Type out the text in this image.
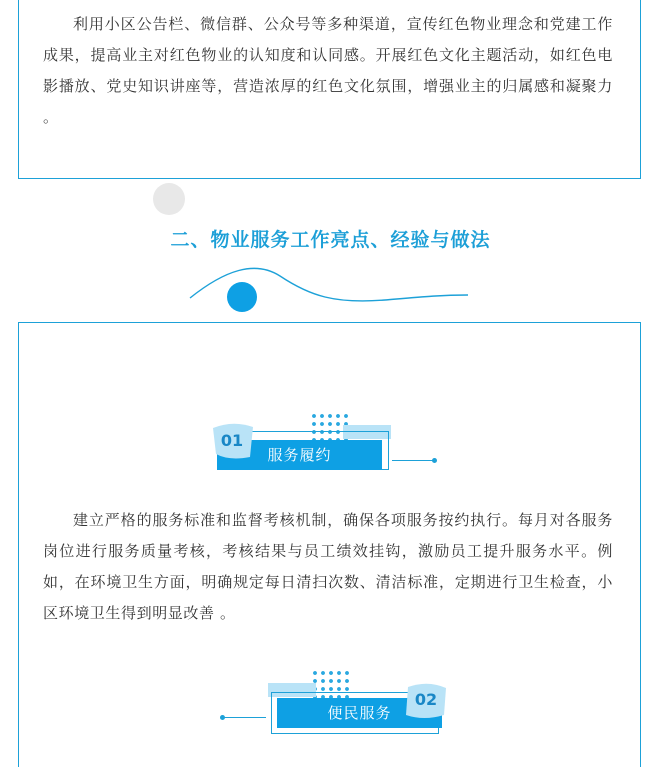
利用小区公告栏、微信群、公众号等多种渠道，宣传红色物业理念和党建工作成果，提高业主对红色物业的认知度和认同感。开展红色文化主题活动，如红色电影播放、党史知识讲座等，营造浓厚的红色文化氛围，增强业主的归属感和凝聚力 。

二、物业服务工作亮点、经验与做法
服务履约
01

建立严格的服务标准和监督考核机制，确保各项服务按约执行。每月对各服务岗位进行服务质量考核，考核结果与员工绩效挂钩，激励员工提升服务水平。例如，在环境卫生方面，明确规定每日清扫次数、清洁标准，定期进行卫生检查，小区环境卫生得到明显改善 。

便民服务
02
